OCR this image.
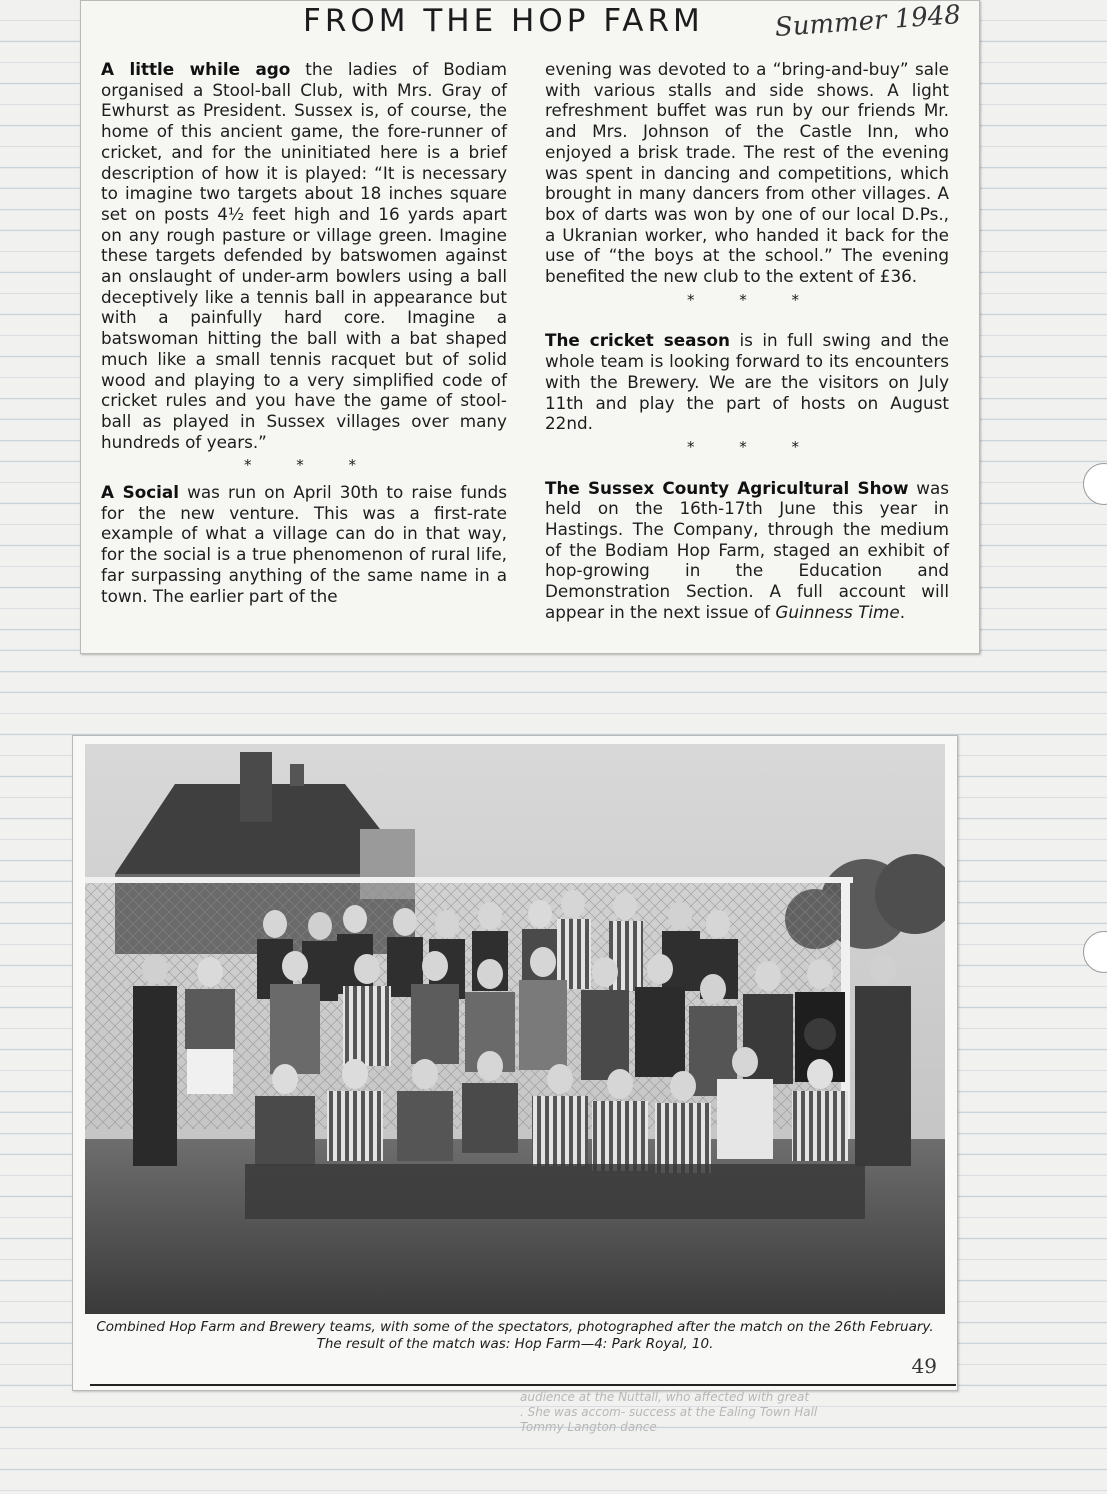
FROM THE HOP FARM	Summer 1948

A little while ago the ladies of Bodiam organised a Stool-ball Club, with Mrs. Gray of Ewhurst as President. Sussex is, of course, the home of this ancient game, the fore-runner of cricket, and for the uninitiated here is a brief description of how it is played: “It is necessary to imagine two targets about 18 inches square set on posts 4½ feet high and 16 yards apart on any rough pasture or village green. Imagine these targets defended by batswomen against an onslaught of under-arm bowlers using a ball deceptively like a tennis ball in appearance but with a painfully hard core. Imagine a batswoman hitting the ball with a bat shaped much like a small tennis racquet but of solid wood and playing to a very simplified code of cricket rules and you have the game of stool-ball as played in Sussex villages over many hundreds of years.”

* * *

A Social was run on April 30th to raise funds for the new venture. This was a first-rate example of what a village can do in that way, for the social is a true phenomenon of rural life, far surpassing anything of the same name in a town. The earlier part of the

evening was devoted to a “bring-and-buy” sale with various stalls and side shows. A light refreshment buffet was run by our friends Mr. and Mrs. Johnson of the Castle Inn, who enjoyed a brisk trade. The rest of the evening was spent in dancing and competitions, which brought in many dancers from other villages. A box of darts was won by one of our local D.Ps., a Ukranian worker, who handed it back for the use of “the boys at the school.” The evening benefited the new club to the extent of £36.

* * *

The cricket season is in full swing and the whole team is looking forward to its encounters with the Brewery. We are the visitors on July 11th and play the part of hosts on August 22nd.

* * *

The Sussex County Agricultural Show was held on the 16th-17th June this year in Hastings. The Company, through the medium of the Bodiam Hop Farm, staged an exhibit of hop-growing in the Education and Demonstration Section. A full account will appear in the next issue of Guinness Time.

Combined Hop Farm and Brewery teams, with some of the spectators, photographed after the match on the 26th February.
The result of the match was: Hop Farm—4: Park Royal, 10.
49
audience at the Nuttall, who affected with great
. She was accom- success at the Ealing Town Hall
Tommy Langton dance
